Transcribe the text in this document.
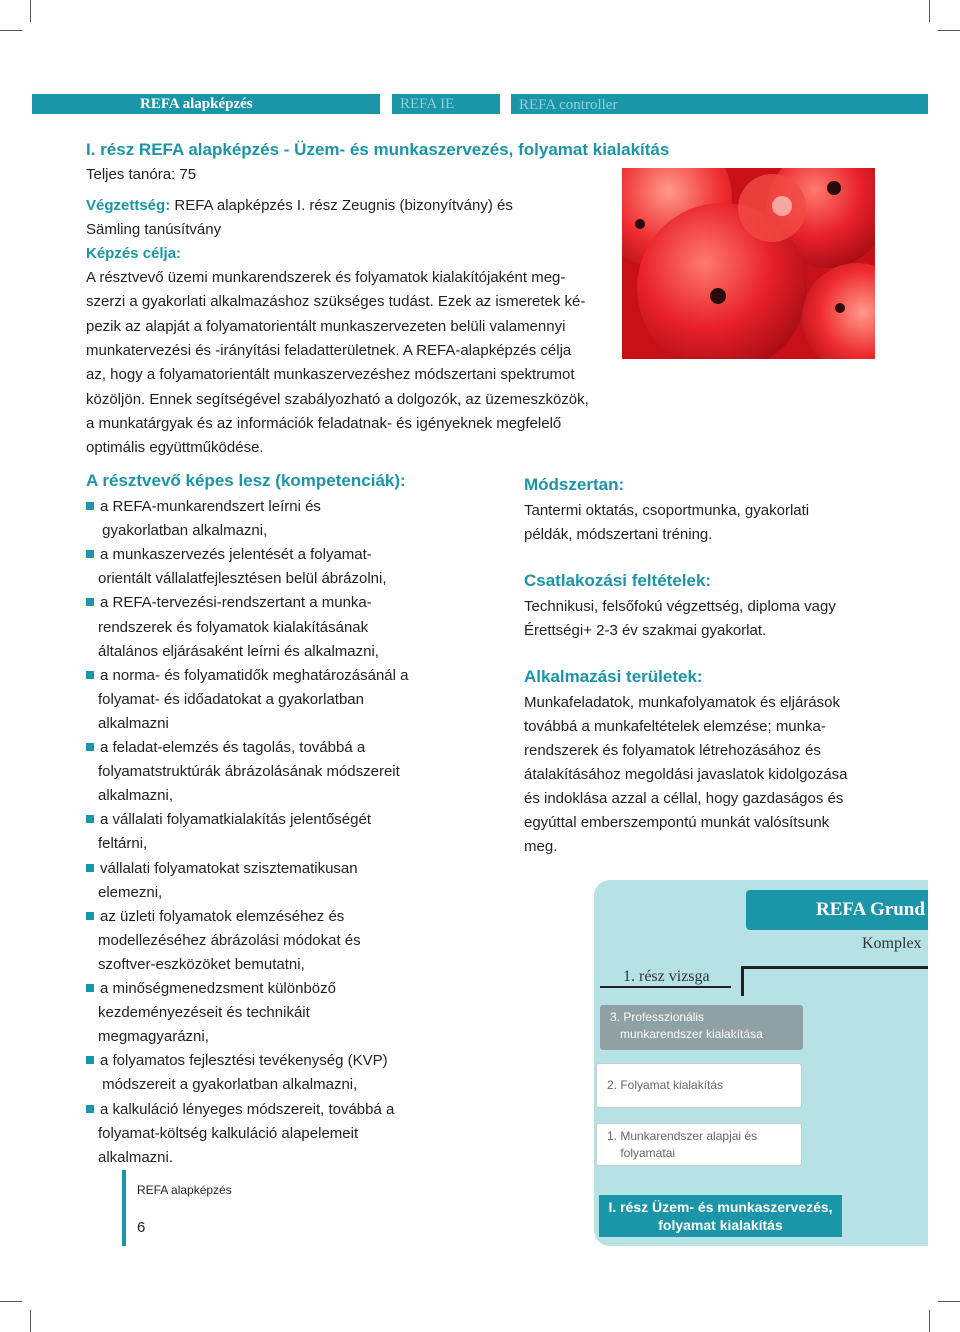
REFA alapképzés	REFA IE	REFA controller
I. rész REFA alapképzés - Üzem- és munkaszervezés, folyamat kialakítás
Teljes tanóra: 75
Végzettség: REFA alapképzés I. rész Zeugnis (bizonyítvány) és
Sämling tanúsítvány
Képzés célja:
A résztvevő üzemi munkarendszerek és folyamatok kialakítójaként meg-
szerzi a gyakorlati alkalmazáshoz szükséges tudást. Ezek az ismeretek ké-
pezik az alapját a folyamatorientált munkaszervezeten belüli valamennyi
munkatervezési és -irányítási feladatterületnek. A REFA-alapképzés célja
az, hogy a folyamatorientált munkaszervezéshez módszertani spektrumot
közöljön. Ennek segítségével szabályozható a dolgozók, az üzemeszközök,
a munkatárgyak és az információk feladatnak- és igényeknek megfelelő
optimális együttműködése.
A résztvevő képes lesz (kompetenciák):
a REFA-munkarendszert leírni és
gyakorlatban alkalmazni,
a munkaszervezés jelentését a folyamat-
orientált vállalatfejlesztésen belül ábrázolni,
a REFA-tervezési-rendszertant a munka-
rendszerek és folyamatok kialakításának
általános eljárásaként leírni és alkalmazni,
a norma- és folyamatidők meghatározásánál a
folyamat- és időadatokat a gyakorlatban
alkalmazni
a feladat-elemzés és tagolás, továbbá a
folyamatstruktúrák ábrázolásának módszereit
alkalmazni,
a vállalati folyamatkialakítás jelentőségét
feltárni,
vállalati folyamatokat szisztematikusan
elemezni,
az üzleti folyamatok elemzéséhez és
modellezéséhez ábrázolási módokat és
szoftver-eszközöket bemutatni,
a minőségmenedzsment különböző
kezdeményezéseit és technikáit
megmagyarázni,
a folyamatos fejlesztési tevékenység (KVP)
módszereit a gyakorlatban alkalmazni,
a kalkuláció lényeges módszereit, továbbá a
folyamat-költség kalkuláció alapelemeit
alkalmazni.
Módszertan:
Tantermi oktatás, csoportmunka, gyakorlati
példák, módszertani tréning.
Csatlakozási feltételek:
Technikusi, felsőfokú végzettség, diploma vagy
Érettségi+ 2-3 év szakmai gyakorlat.
Alkalmazási területek:
Munkafeladatok, munkafolyamatok és eljárások
továbbá a munkafeltételek elemzése; munka-
rendszerek és folyamatok létrehozásához és
átalakításához megoldási javaslatok kidolgozása
és indoklása azzal a céllal, hogy gazdaságos és
egyúttal emberszempontú munkát valósítsunk
meg.
REFA Grund
Komplex
1. rész vizsga
3. Professzionális
munkarendszer kialakítása
2. Folyamat kialakítás
1. Munkarendszer alapjai és
folyamatai
I. rész Üzem- és munkaszervezés,
folyamat kialakítás
REFA alapképzés
6
